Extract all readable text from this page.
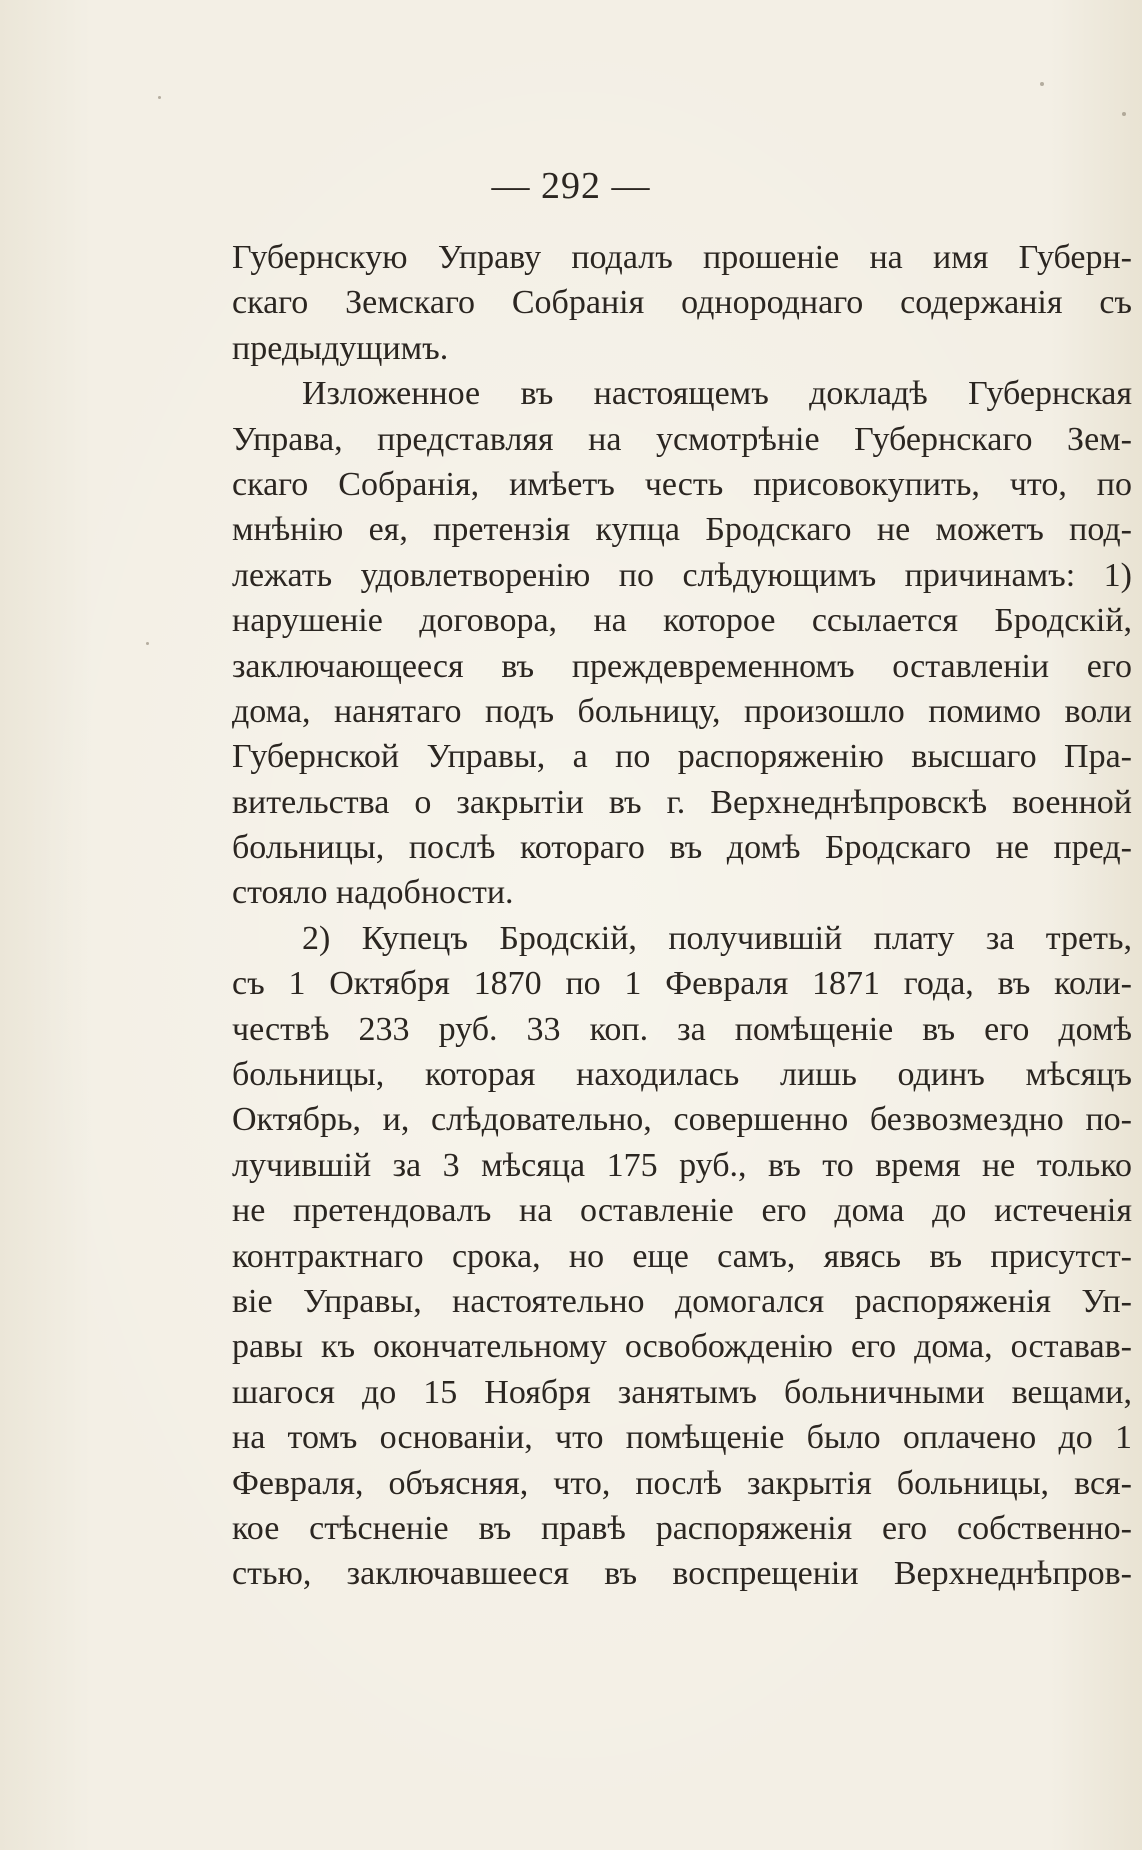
— 292 —
Губернскую Управу подалъ прошеніе на имя Губерн-
скаго Земскаго Собранія однороднаго содержанія съ
предыдущимъ.
Изложенное въ настоящемъ докладѣ Губернская
Управа, представляя на усмотрѣніе Губернскаго Зем-
скаго Собранія, имѣетъ честь присовокупить, что, по
мнѣнію ея, претензія купца Бродскаго не можетъ под-
лежать удовлетворенію по слѣдующимъ причинамъ: 1)
нарушеніе договора, на которое ссылается Бродскій,
заключающееся въ преждевременномъ оставленіи его
дома, нанятаго подъ больницу, произошло помимо воли
Губернской Управы, а по распоряженію высшаго Пра-
вительства о закрытіи въ г. Верхнеднѣпровскѣ военной
больницы, послѣ котораго въ домѣ Бродскаго не пред-
стояло надобности.
2) Купецъ Бродскій, получившій плату за треть,
съ 1 Октября 1870 по 1 Февраля 1871 года, въ коли-
чествѣ 233 руб. 33 коп. за помѣщеніе въ его домѣ
больницы, которая находилась лишь одинъ мѣсяцъ
Октябрь, и, слѣдовательно, совершенно безвозмездно по-
лучившій за 3 мѣсяца 175 руб., въ то время не только
не претендовалъ на оставленіе его дома до истеченія
контрактнаго срока, но еще самъ, явясь въ присутст-
віе Управы, настоятельно домогался распоряженія Уп-
равы къ окончательному освобожденію его дома, оставав-
шагося до 15 Ноября занятымъ больничными вещами,
на томъ основаніи, что помѣщеніе было оплачено до 1
Февраля, объясняя, что, послѣ закрытія больницы, вся-
кое стѣсненіе въ правѣ распоряженія его собственно-
стью, заключавшееся въ воспрещеніи Верхнеднѣпров-
